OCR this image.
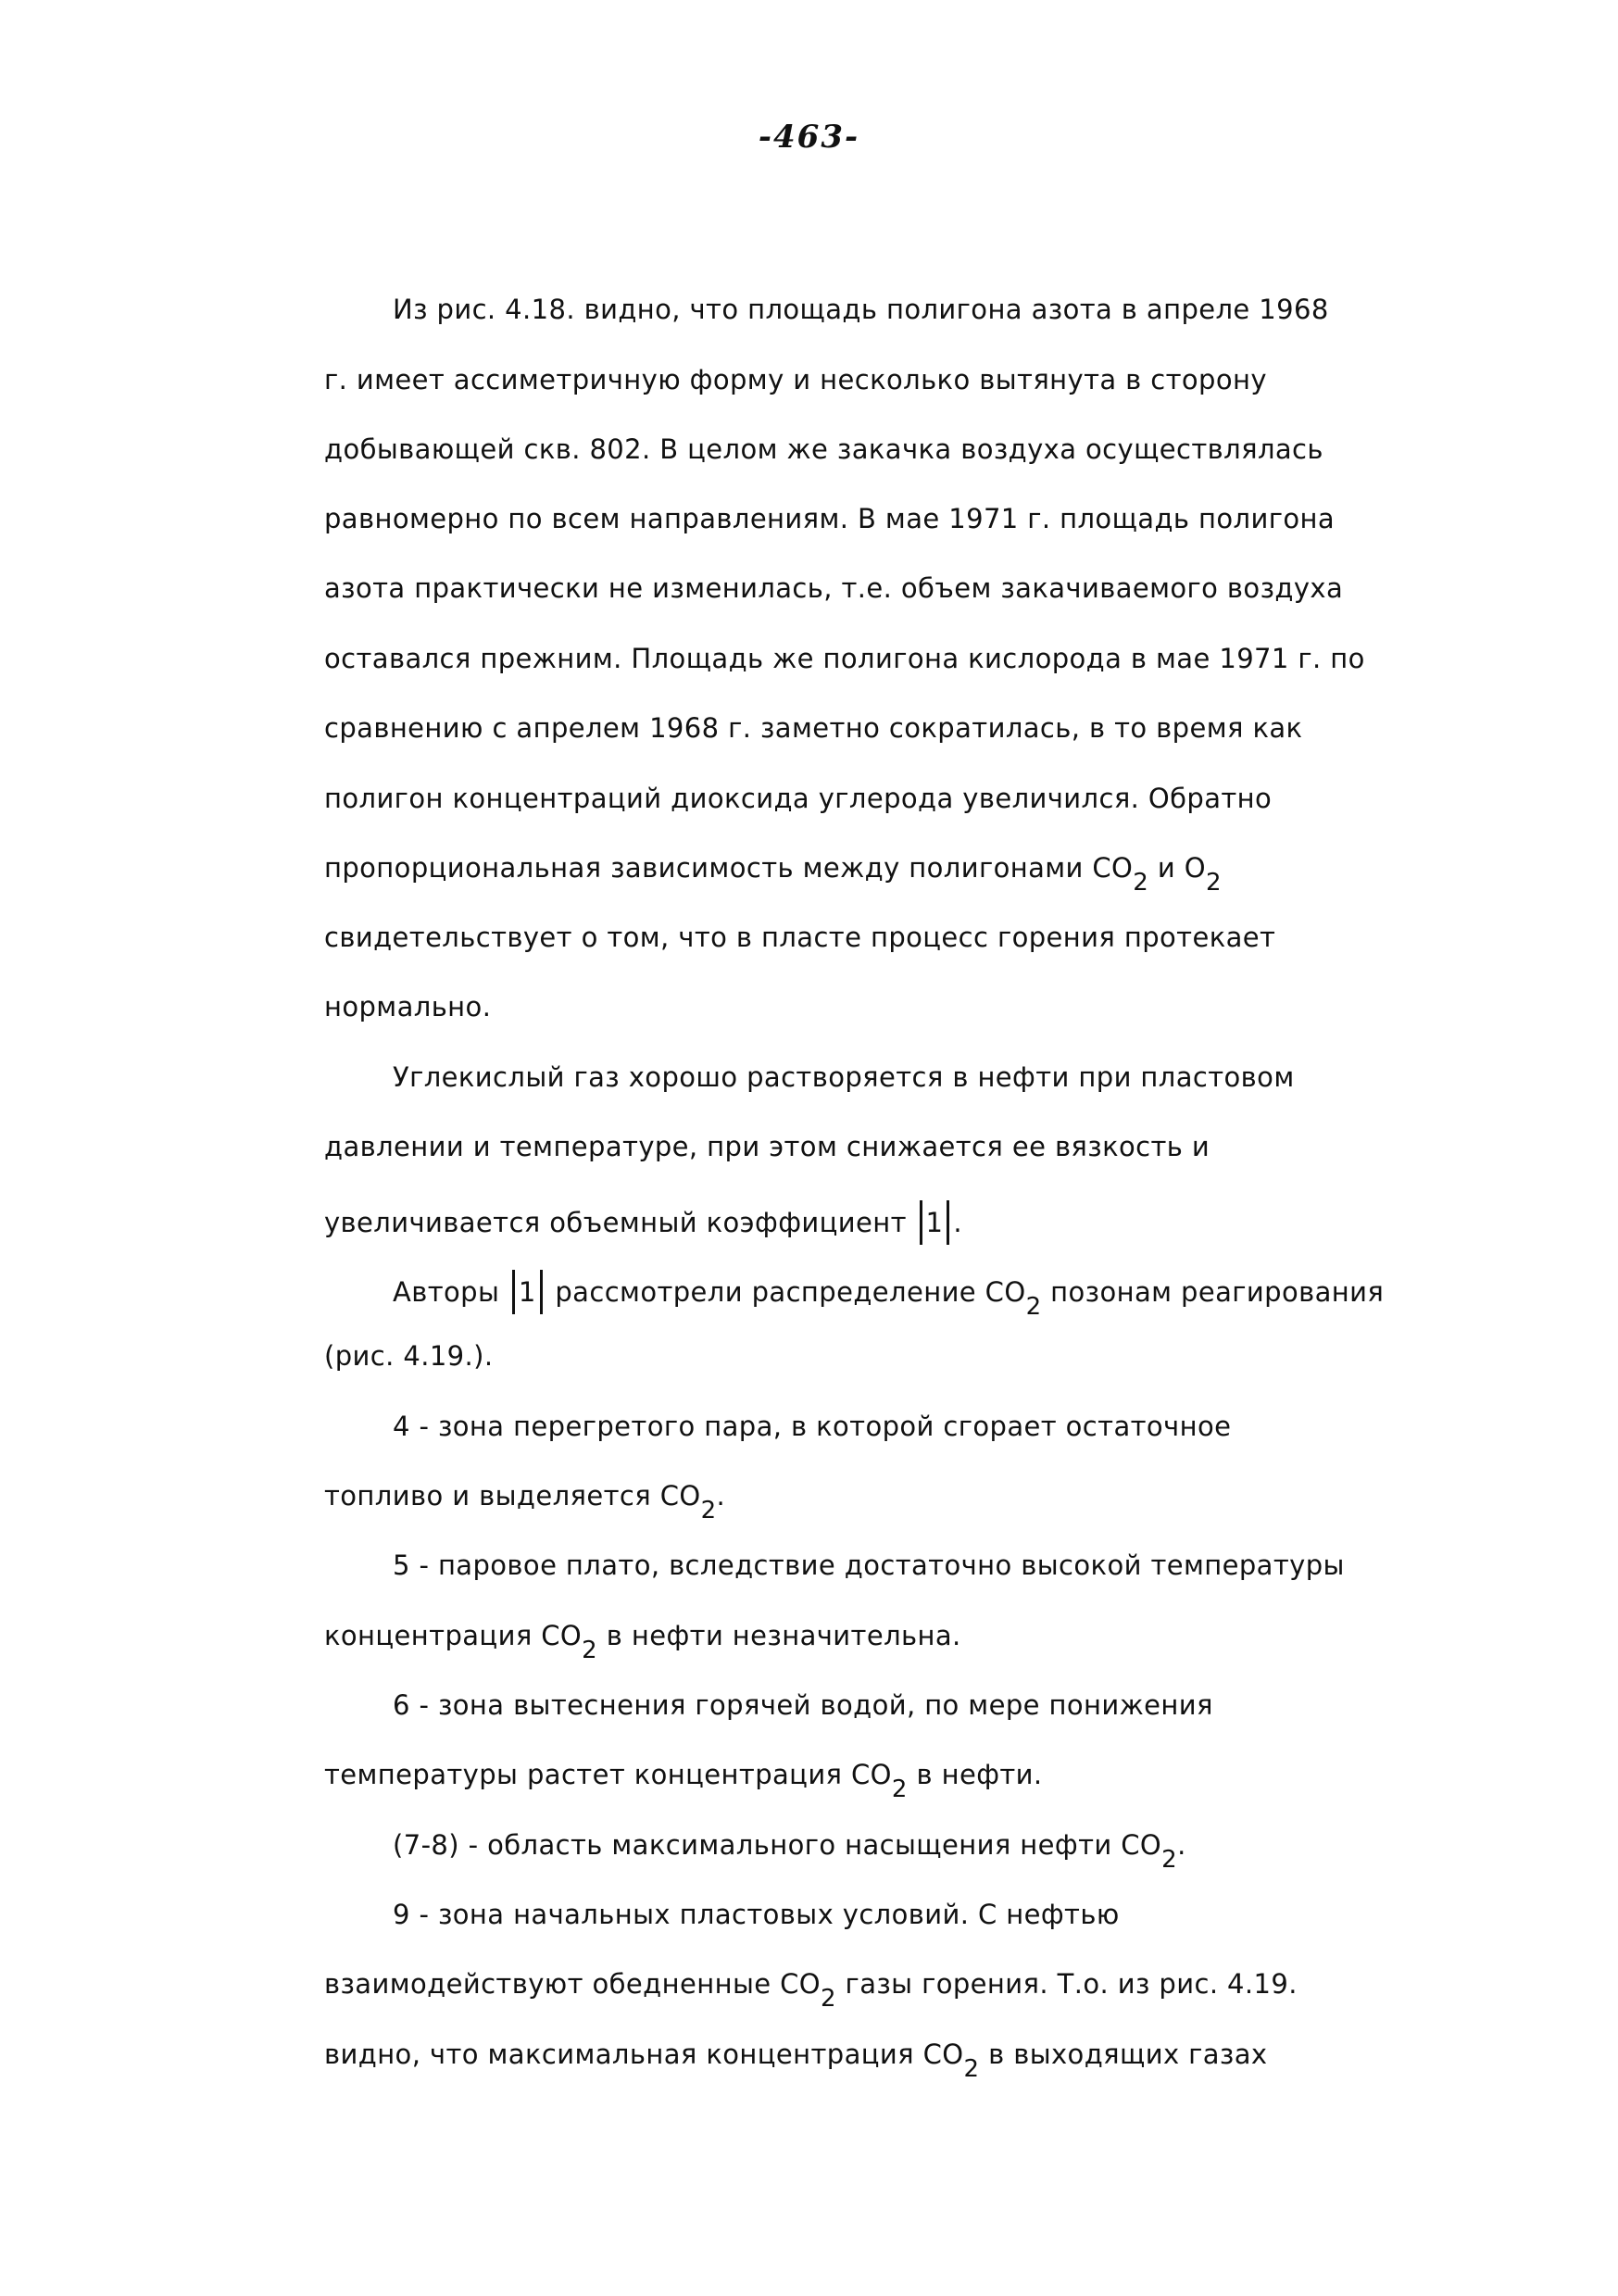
-463-
Из рис. 4.18. видно, что площадь полигона азота в апреле 1968
г. имеет ассиметричную форму и несколько вытянута в сторону
добывающей скв. 802. В целом же закачка воздуха осуществлялась
равномерно по всем направлениям. В мае 1971 г. площадь полигона
азота практически не изменилась, т.е. объем закачиваемого воздуха
оставался прежним. Площадь же полигона кислорода в мае 1971 г. по
сравнению с апрелем 1968 г. заметно сократилась, в то время как
полигон концентраций диоксида углерода увеличился. Обратно
пропорциональная зависимость между полигонами $CO_2$ и $O_2$
свидетельствует о том, что в пласте процесс горения протекает
нормально.
Углекислый газ хорошо растворяется в нефти при пластовом
давлении и температуре, при этом снижается ее вязкость и
увеличивается объемный коэффициент 1 .
Авторы 1 рассмотрели распределение $CO_2$ позонам реагирования
(рис. 4.19.).
4 - зона перегретого пара, в которой сгорает остаточное
топливо и выделяется $CO_2$.
5 - паровое плато, вследствие достаточно высокой температуры
концентрация $CO_2$ в нефти незначительна.
6 - зона вытеснения горячей водой, по мере понижения
температуры растет концентрация $CO_2$ в нефти.
(7-8) - область максимального насыщения нефти $CO_2$.
9 - зона начальных пластовых условий. С нефтью
взаимодействуют обедненные $CO_2$ газы горения. Т.о. из рис. 4.19.
видно, что максимальная концентрация $CO_2$ в выходящих газах
